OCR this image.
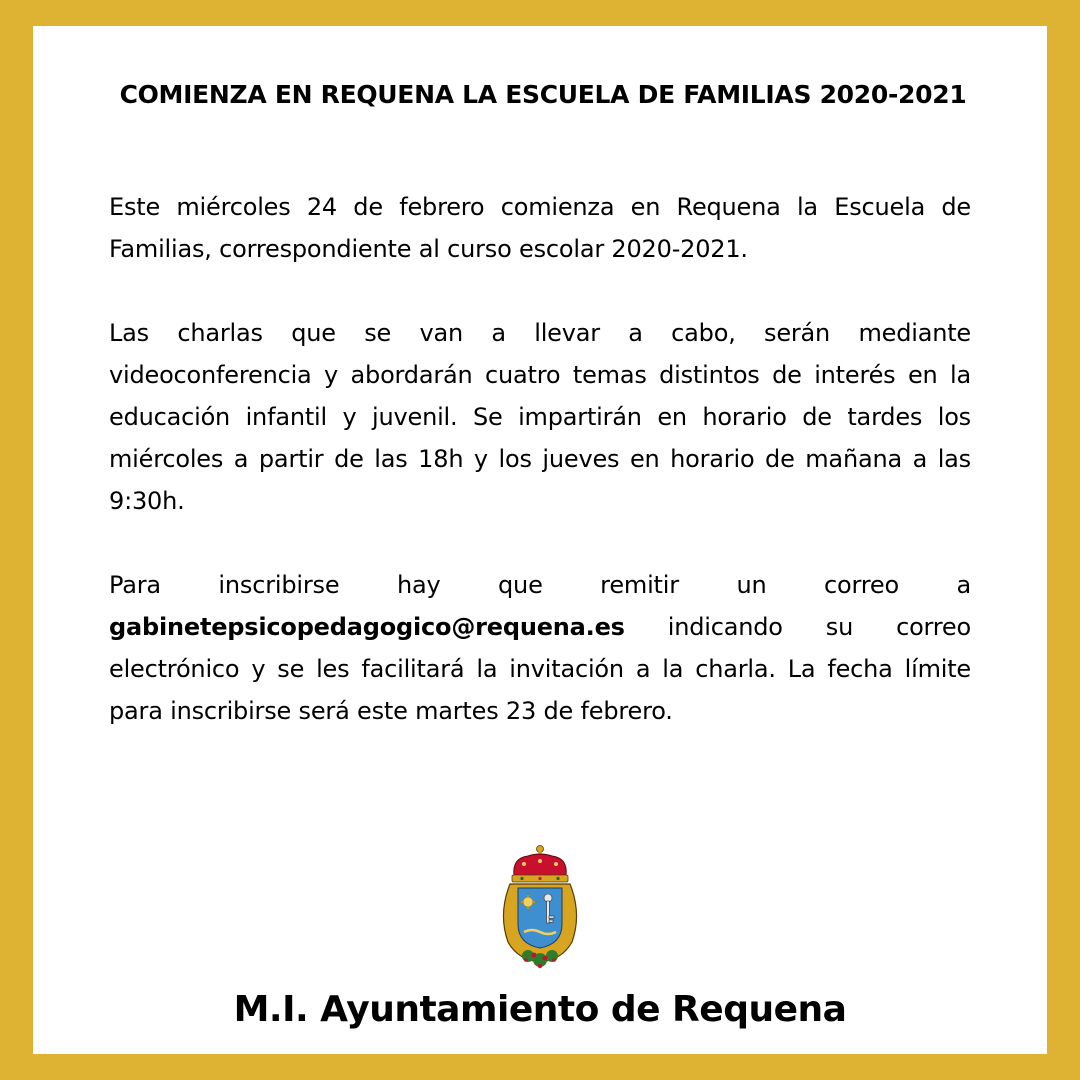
COMIENZA EN REQUENA LA ESCUELA DE FAMILIAS 2020-2021

Este miércoles 24 de febrero comienza en Requena la Escuela de Familias, correspondiente al curso escolar 2020-2021.

Las charlas que se van a llevar a cabo, serán mediante videoconferencia y abordarán cuatro temas distintos de interés en la educación infantil y juvenil. Se impartirán en horario de tardes los miércoles a partir de las 18h y los jueves en horario de mañana a las 9:30h.

Para inscribirse hay que remitir un correo a gabinetepsicopedagogico@requena.es indicando su correo electrónico y se les facilitará la invitación a la charla. La fecha límite para inscribirse será este martes 23 de febrero.

M.I. Ayuntamiento de Requena
